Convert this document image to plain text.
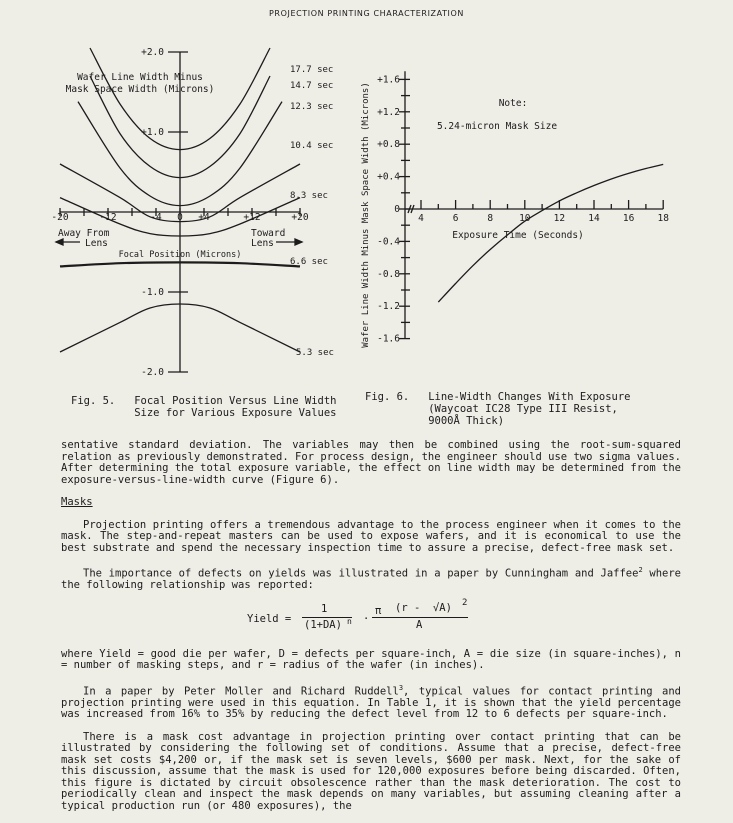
PROJECTION PRINTING CHARACTERIZATION
+2.0
+1.0
-1.0
-2.0
-20	-12	-4 0 +4	+12	+20
Wafer Line Width Minus
Mask Space Width (Microns)
Away From
Lens
Toward
Lens
Focal Position (Microns)
17.7 sec
14.7 sec
12.3 sec
10.4 sec
8.3 sec
6.6 sec
5.3 sec
+1.6
+1.2
+0.8
+0.4
0
-0.4
-0.8
-1.2
-1.6
4	6	8	10 12 14 16 18
Exposure Time (Seconds)
Wafer Line Width Minus Mask Space Width (Microns)	Note:
5.24-micron Mask Size
Fig. 5.   Focal Position Versus Line Width
Size for Various Exposure Values
Fig. 6.   Line-Width Changes With Exposure
(Waycoat IC28 Type III Resist,
9000Å Thick)

sentative standard deviation. The variables may then be combined using the root-sum-squared relation as previously demonstrated. For process design, the engineer should use two sigma values. After determining the total exposure variable, the effect on line width may be determined from the exposure-versus-line-width curve (Figure 6).

Masks

Projection printing offers a tremendous advantage to the process engineer when it comes to the mask. The step-and-repeat masters can be used to expose wafers, and it is economical to use the best substrate and spend the necessary inspection time to assure a precise, defect-free mask set.

The importance of defects on yields was illustrated in a paper by Cunningham and Jaffee$^2$ where the following relationship was reported:

Yield =
1
(1+DA) n ·
π (r -  √A) 2
A

where Yield = good die per wafer, D = defects per square-inch, A = die size (in square-inches), n = number of masking steps, and r = radius of the wafer (in inches).

In a paper by Peter Moller and Richard Ruddell$^3$, typical values for contact printing and projection printing were used in this equation. In Table 1, it is shown that the yield percentage was increased from 16% to 35% by reducing the defect level from 12 to 6 defects per square-inch.

There is a mask cost advantage in projection printing over contact printing that can be illustrated by considering the following set of conditions. Assume that a precise, defect-free mask set costs $4,200 or, if the mask set is seven levels, $600 per mask. Next, for the sake of this discussion, assume that the mask is used for 120,000 exposures before being discarded. Often, this figure is dictated by circuit obsolescence rather than the mask deterioration. The cost to periodically clean and inspect the mask depends on many variables, but assuming cleaning after a typical production run (or 480 exposures), the
